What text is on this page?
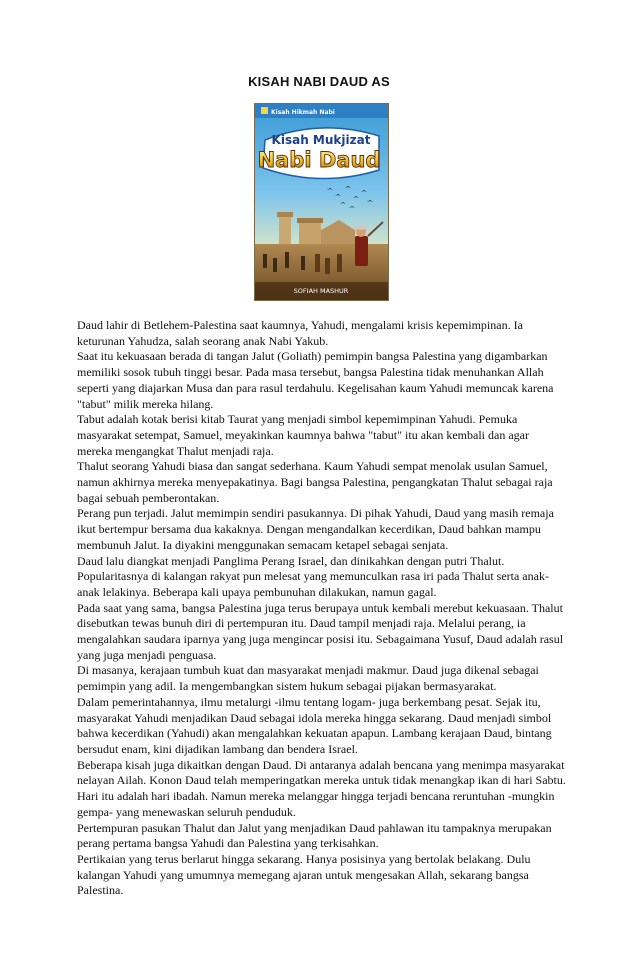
KISAH NABI DAUD AS
Kisah Hikmah Nabi
Kisah Mukjizat
Nabi Daud
SOFIAH MASHUR

Daud lahir di Betlehem-Palestina saat kaumnya, Yahudi, mengalami krisis kepemimpinan. Ia keturunan Yahudza, salah seorang anak Nabi Yakub.

Saat itu kekuasaan berada di tangan Jalut (Goliath) pemimpin bangsa Palestina yang digambarkan memiliki sosok tubuh tinggi besar. Pada masa tersebut, bangsa Palestina tidak menuhankan Allah seperti yang diajarkan Musa dan para rasul terdahulu. Kegelisahan kaum Yahudi memuncak karena "tabut" milik mereka hilang.

Tabut adalah kotak berisi kitab Taurat yang menjadi simbol kepemimpinan Yahudi. Pemuka masyarakat setempat, Samuel, meyakinkan kaumnya bahwa "tabut" itu akan kembali dan agar mereka mengangkat Thalut menjadi raja.

Thalut seorang Yahudi biasa dan sangat sederhana. Kaum Yahudi sempat menolak usulan Samuel, namun akhirnya mereka menyepakatinya. Bagi bangsa Palestina, pengangkatan Thalut sebagai raja bagai sebuah pemberontakan.

Perang pun terjadi. Jalut memimpin sendiri pasukannya. Di pihak Yahudi, Daud yang masih remaja ikut bertempur bersama dua kakaknya. Dengan mengandalkan kecerdikan, Daud bahkan mampu membunuh Jalut. Ia diyakini menggunakan semacam ketapel sebagai senjata.

Daud lalu diangkat menjadi Panglima Perang Israel, dan dinikahkan dengan putri Thalut. Popularitasnya di kalangan rakyat pun melesat yang memunculkan rasa iri pada Thalut serta anak-anak lelakinya. Beberapa kali upaya pembunuhan dilakukan, namun gagal.

Pada saat yang sama, bangsa Palestina juga terus berupaya untuk kembali merebut kekuasaan. Thalut disebutkan tewas bunuh diri di pertempuran itu. Daud tampil menjadi raja. Melalui perang, ia mengalahkan saudara iparnya yang juga mengincar posisi itu. Sebagaimana Yusuf, Daud adalah rasul yang juga menjadi penguasa.

Di masanya, kerajaan tumbuh kuat dan masyarakat menjadi makmur. Daud juga dikenal sebagai pemimpin yang adil. Ia mengembangkan sistem hukum sebagai pijakan bermasyarakat.

Dalam pemerintahannya, ilmu metalurgi -ilmu tentang logam- juga berkembang pesat. Sejak itu, masyarakat Yahudi menjadikan Daud sebagai idola mereka hingga sekarang. Daud menjadi simbol bahwa kecerdikan (Yahudi) akan mengalahkan kekuatan apapun. Lambang kerajaan Daud, bintang bersudut enam, kini dijadikan lambang dan bendera Israel.

Beberapa kisah juga dikaitkan dengan Daud. Di antaranya adalah bencana yang menimpa masyarakat nelayan Ailah. Konon Daud telah memperingatkan mereka untuk tidak menangkap ikan di hari Sabtu. Hari itu adalah hari ibadah. Namun mereka melanggar hingga terjadi bencana reruntuhan -mungkin gempa- yang menewaskan seluruh penduduk.

Pertempuran pasukan Thalut dan Jalut yang menjadikan Daud pahlawan itu tampaknya merupakan perang pertama bangsa Yahudi dan Palestina yang terkisahkan.

Pertikaian yang terus berlarut hingga sekarang. Hanya posisinya yang bertolak belakang. Dulu kalangan Yahudi yang umumnya memegang ajaran untuk mengesakan Allah, sekarang bangsa Palestina.
